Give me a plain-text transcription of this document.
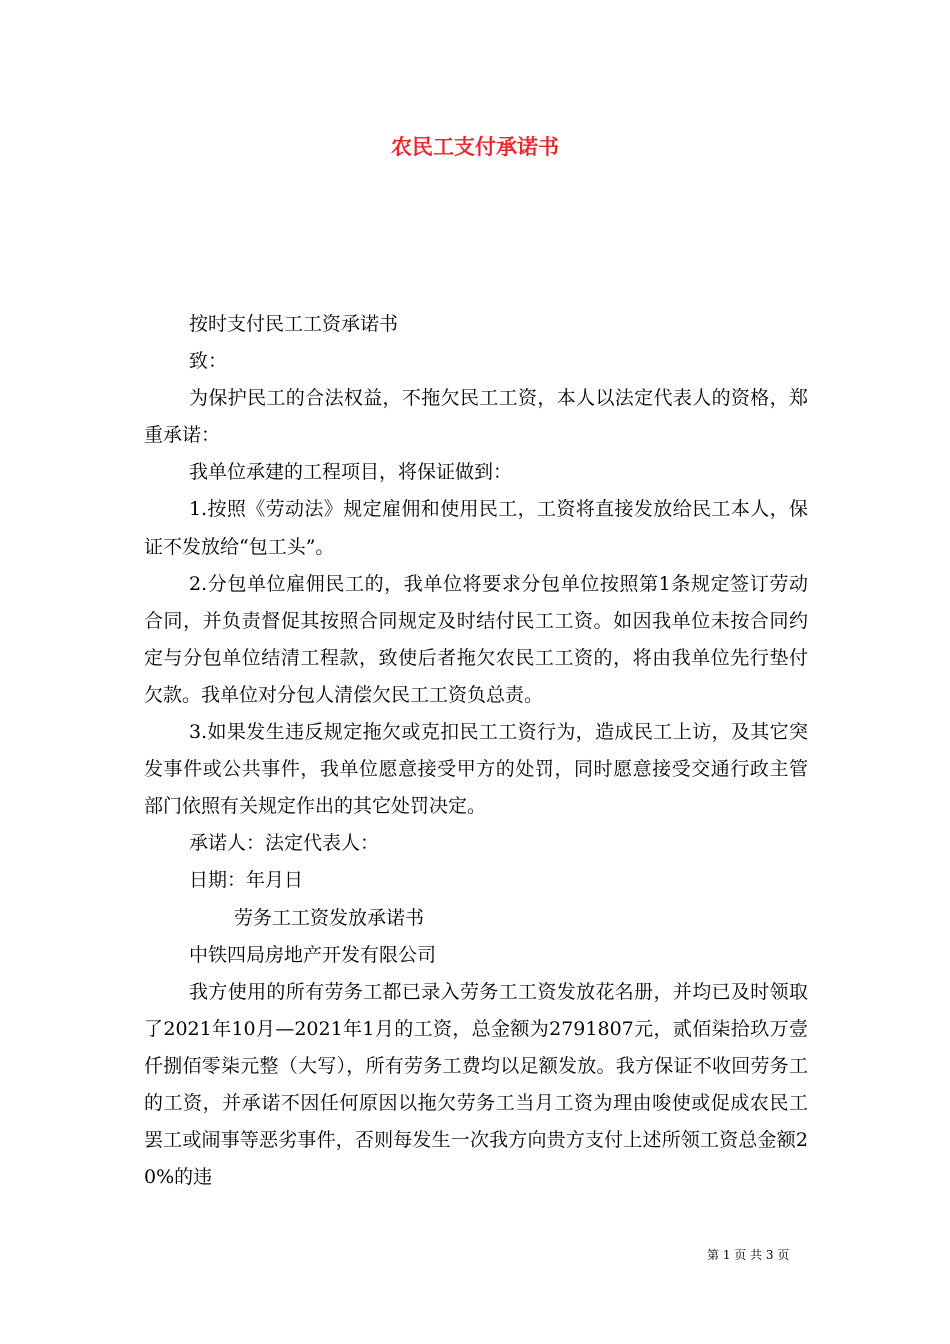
农民工支付承诺书

按时支付民工工资承诺书

致：

为保护民工的合法权益，不拖欠民工工资，本人以法定代表人的资格，郑重承诺：

我单位承建的工程项目，将保证做到：

1.按照《劳动法》规定雇佣和使用民工，工资将直接发放给民工本人，保证不发放给“包工头”。

2.分包单位雇佣民工的，我单位将要求分包单位按照第1条规定签订劳动合同，并负责督促其按照合同规定及时结付民工工资。如因我单位未按合同约定与分包单位结清工程款，致使后者拖欠农民工工资的，将由我单位先行垫付欠款。我单位对分包人清偿欠民工工资负总责。

3.如果发生违反规定拖欠或克扣民工工资行为，造成民工上访，及其它突发事件或公共事件，我单位愿意接受甲方的处罚，同时愿意接受交通行政主管部门依照有关规定作出的其它处罚决定。

承诺人：法定代表人：

日期：年月日

劳务工工资发放承诺书

中铁四局房地产开发有限公司

我方使用的所有劳务工都已录入劳务工工资发放花名册，并均已及时领取了2021年10月—2021年1月的工资，总金额为2791807元，贰佰柒拾玖万壹仟捌佰零柒元整（大写），所有劳务工费均以足额发放。我方保证不收回劳务工的工资，并承诺不因任何原因以拖欠劳务工当月工资为理由唆使或促成农民工罢工或闹事等恶劣事件，否则每发生一次我方向贵方支付上述所领工资总金额20%的违

第 1 页 共 3 页
